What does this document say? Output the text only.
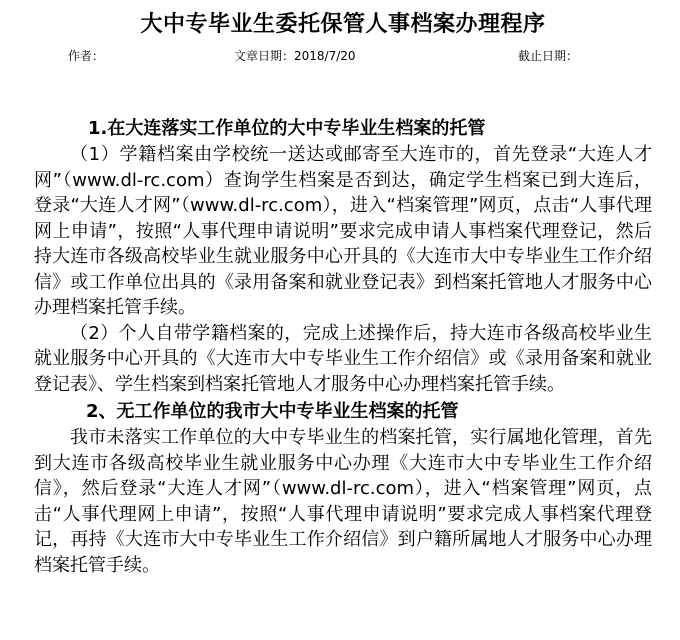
大中专毕业生委托保管人事档案办理程序
作者：	文章日期：2018/7/20	截止日期：
1.在大连落实工作单位的大中专毕业生档案的托管

（1）学籍档案由学校统一送达或邮寄至大连市的，首先登录“大连人才网”（www.dl-rc.com）查询学生档案是否到达，确定学生档案已到大连后，登录“大连人才网”（www.dl-rc.com），进入“档案管理”网页，点击“人事代理网上申请”，按照“人事代理申请说明”要求完成申请人事档案代理登记，然后持大连市各级高校毕业生就业服务中心开具的《大连市大中专毕业生工作介绍信》或工作单位出具的《录用备案和就业登记表》到档案托管地人才服务中心办理档案托管手续。

（2）个人自带学籍档案的，完成上述操作后，持大连市各级高校毕业生就业服务中心开具的《大连市大中专毕业生工作介绍信》或《录用备案和就业登记表》、学生档案到档案托管地人才服务中心办理档案托管手续。

2、无工作单位的我市大中专毕业生档案的托管

我市未落实工作单位的大中专毕业生的档案托管，实行属地化管理，首先到大连市各级高校毕业生就业服务中心办理《大连市大中专毕业生工作介绍信》，然后登录“大连人才网”（www.dl-rc.com），进入“档案管理”网页，点击“人事代理网上申请”，按照“人事代理申请说明”要求完成人事档案代理登记，再持《大连市大中专毕业生工作介绍信》到户籍所属地人才服务中心办理档案托管手续。
